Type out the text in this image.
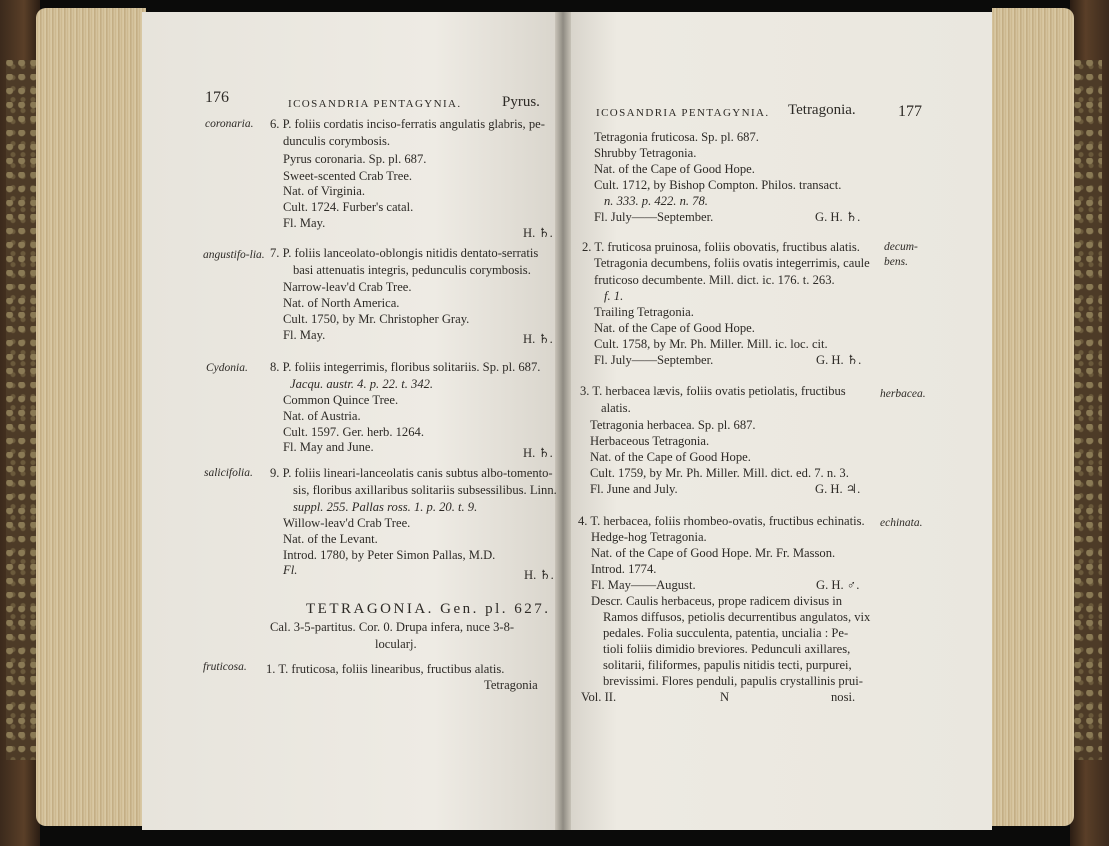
176	ICOSANDRIA PENTAGYNIA.	Pyrus.
coronaria. 6. P. foliis cordatis inciso-ferratis angulatis glabris, pe-
dunculis corymbosis.
Pyrus coronaria. Sp. pl. 687.
Sweet-scented Crab Tree.
Nat. of Virginia.
Cult. 1724. Furber's catal.
Fl. May.
H. ♄.
angustifo-lia. 7. P. foliis lanceolato-oblongis nitidis dentato-serratis
basi attenuatis integris, pedunculis corymbosis.
Narrow-leav'd Crab Tree.
Nat. of North America.
Cult. 1750, by Mr. Christopher Gray.
Fl. May.	H. ♄.
Cydonia. 8. P. foliis integerrimis, floribus solitariis. Sp. pl. 687.
Jacqu. austr. 4. p. 22. t. 342.
Common Quince Tree.
Nat. of Austria.
Cult. 1597. Ger. herb. 1264.
Fl. May and June.	H. ♄.
salicifolia. 9. P. foliis lineari-lanceolatis canis subtus albo-tomento-
sis, floribus axillaribus solitariis subsessilibus. Linn.
suppl. 255. Pallas ross. 1. p. 20. t. 9.
Willow-leav'd Crab Tree.
Nat. of the Levant.
Introd. 1780, by Peter Simon Pallas, M.D.
Fl.	H. ♄.
TETRAGONIA. Gen. pl. 627.
Cal. 3-5-partitus. Cor. 0. Drupa infera, nuce 3-8-
locularj.
fruticosa. 1. T. fruticosa, foliis linearibus, fructibus alatis.
Tetragonia
ICOSANDRIA PENTAGYNIA. Tetragonia.	177
Tetragonia fruticosa. Sp. pl. 687.
Shrubby Tetragonia.
Nat. of the Cape of Good Hope.
Cult. 1712, by Bishop Compton. Philos. transact.
n. 333. p. 422. n. 78.
Fl. July——September.	G. H. ♄.
2. T. fruticosa pruinosa, foliis obovatis, fructibus alatis. decum-bens.
Tetragonia decumbens, foliis ovatis integerrimis, caule
fruticoso decumbente. Mill. dict. ic. 176. t. 263.
f. 1.
Trailing Tetragonia.
Nat. of the Cape of Good Hope.
Cult. 1758, by Mr. Ph. Miller. Mill. ic. loc. cit.
Fl. July——September.	G. H. ♄.
3. T. herbacea lævis, foliis ovatis petiolatis, fructibus	herbacea.
alatis.
Tetragonia herbacea. Sp. pl. 687.
Herbaceous Tetragonia.
Nat. of the Cape of Good Hope.
Cult. 1759, by Mr. Ph. Miller. Mill. dict. ed. 7. n. 3.
Fl. June and July.	G. H. ♃.
4. T. herbacea, foliis rhombeo-ovatis, fructibus echinatis. echinata.
Hedge-hog Tetragonia.
Nat. of the Cape of Good Hope. Mr. Fr. Masson.
Introd. 1774.
Fl. May——August.	G. H. ♂.
Descr. Caulis herbaceus, prope radicem divisus in
Ramos diffusos, petiolis decurrentibus angulatos, vix
pedales. Folia succulenta, patentia, uncialia : Pe-
tioli foliis dimidio breviores. Pedunculi axillares,
solitarii, filiformes, papulis nitidis tecti, purpurei,
brevissimi. Flores penduli, papulis crystallinis prui-
Vol. II.	N	nosi.
